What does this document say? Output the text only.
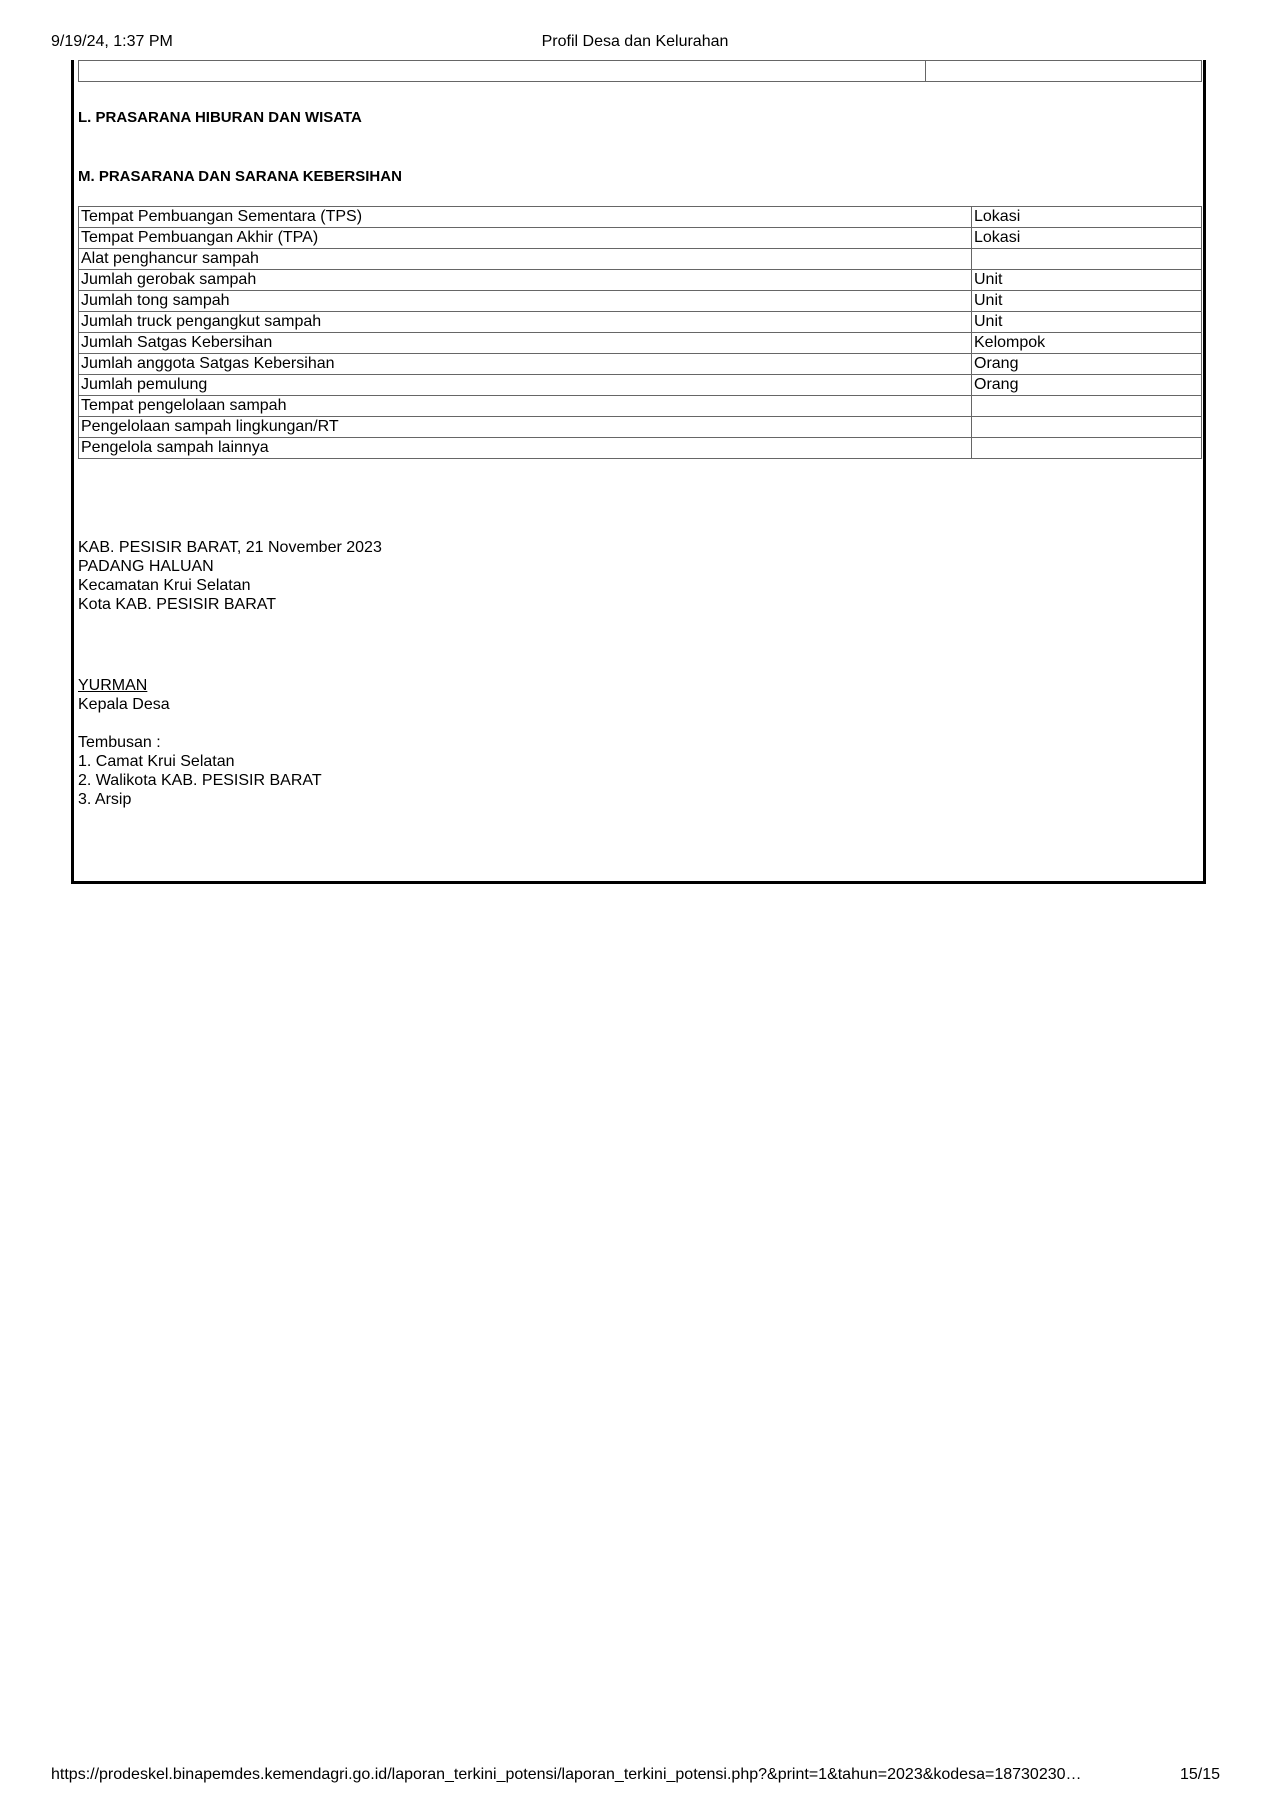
Profil Desa dan Kelurahan
9/19/24, 1:37 PM

L. PRASARANA HIBURAN DAN WISATA
M. PRASARANA DAN SARANA KEBERSIHAN
Tempat Pembuangan Sementara (TPS)	Lokasi
Tempat Pembuangan Akhir (TPA)	Lokasi
Alat penghancur sampah	
Jumlah gerobak sampah	Unit
Jumlah tong sampah	Unit
Jumlah truck pengangkut sampah	Unit
Jumlah Satgas Kebersihan	Kelompok
Jumlah anggota Satgas Kebersihan	Orang
Jumlah pemulung	Orang
Tempat pengelolaan sampah	
Pengelolaan sampah lingkungan/RT	
Pengelola sampah lainnya	
KAB. PESISIR BARAT, 21 November 2023
PADANG HALUAN
Kecamatan Krui Selatan
Kota KAB. PESISIR BARAT
YURMAN
Kepala Desa
Tembusan :
1. Camat Krui Selatan
2. Walikota KAB. PESISIR BARAT
3. Arsip
https://prodeskel.binapemdes.kemendagri.go.id/laporan_terkini_potensi/laporan_terkini_potensi.php?&print=1&tahun=2023&kodesa=18730230…	15/15
